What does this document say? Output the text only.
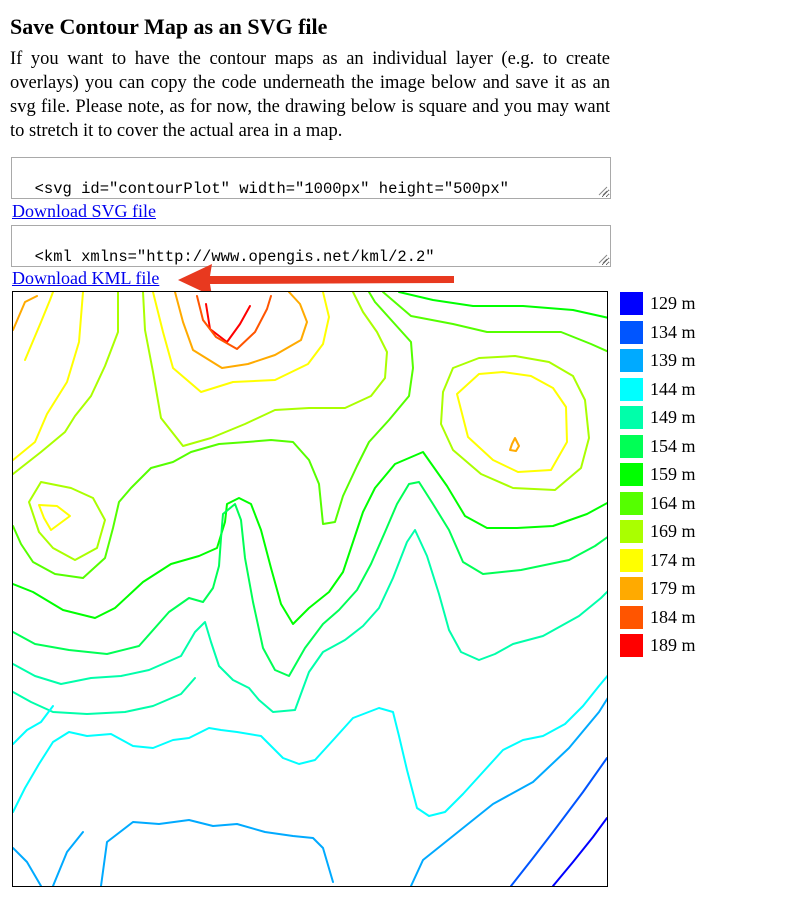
Save Contour Map as an SVG file

If you want to have the contour maps as an individual layer (e.g. to create overlays) you can copy the code underneath the image below and save it as an svg file. Please note, as for now, the drawing below is square and you may want to stretch it to cover the actual area in a map.

<svg id="contourPlot" width="1000px" height="500px"

Download SVG file

<kml xmlns="http://www.opengis.net/kml/2.2"

Download KML file
129 m
134 m
139 m
144 m
149 m
154 m
159 m
164 m
169 m
174 m
179 m
184 m
189 m
